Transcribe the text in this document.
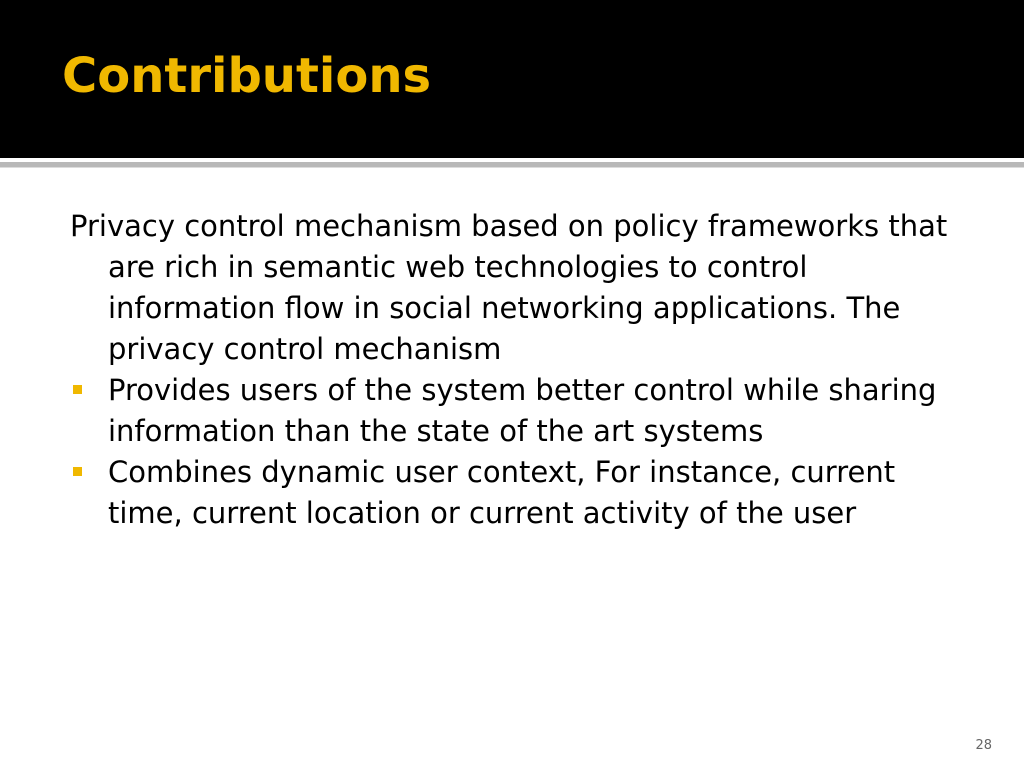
Contributions

Privacy control mechanism based on policy frameworks that are rich in semantic web technologies to control information flow in social networking applications. The privacy control mechanism

Provides users of the system better control while sharing information than the state of the art systems
Combines dynamic user context, For instance, current time, current location or current activity of the user
28
